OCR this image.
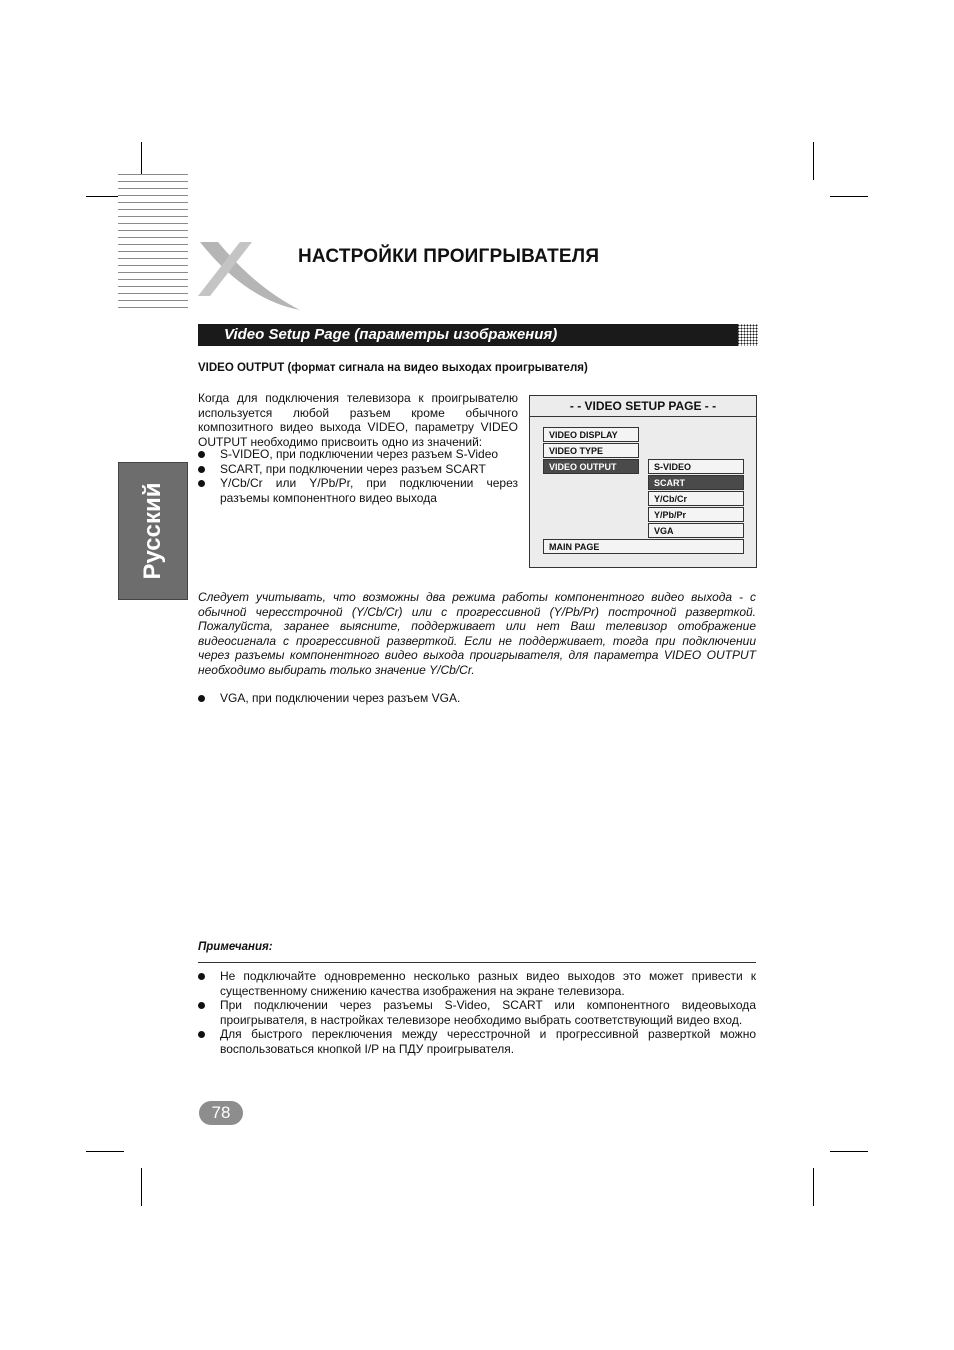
НАСТРОЙКИ ПРОИГРЫВАТЕЛЯ
Video Setup Page (параметры изображения)
VIDEO OUTPUT (формат сигнала на видео выходах проигрывателя)
Когда для подключения телевизора к проигрывателю используется любой разъем кроме обычного композитного видео выхода VIDEO, параметру VIDEO OUTPUT необходимо присвоить одно из значений:
S-VIDEO, при подключении через разъем S-Video
SCART, при подключении через разъем SCART
Y/Cb/Cr или Y/Pb/Pr, при подключении через разъемы компонентного видео выхода
- - VIDEO SETUP PAGE - -
VIDEO DISPLAY
VIDEO TYPE
VIDEO OUTPUT	S-VIDEO
SCART
Y/Cb/Cr
Y/Pb/Pr
VGA
MAIN PAGE
Русский
Следует учитывать, что возможны два режима работы компонентного видео выхода - с обычной чересстрочной (Y/Cb/Cr) или с прогрессивной (Y/Pb/Pr) построчной разверткой. Пожалуйста, заранее выясните, поддерживает или нет Ваш телевизор отображение видеосигнала с прогрессивной разверткой. Если не поддерживает, тогда при подключении через разъемы компонентного видео выхода проигрывателя, для параметра VIDEO OUTPUT необходимо выбирать только значение Y/Cb/Cr.
VGA, при подключении через разъем VGA.
Примечания:
Не подключайте одновременно несколько разных видео выходов это может привести к существенному снижению качества изображения на экране телевизора.
При подключении через разъемы S-Video, SCART или компонентного видеовыхода проигрывателя, в настройках телевизоре необходимо выбрать соответствующий видео вход.
Для быстрого переключения между чересстрочной и прогрессивной разверткой можно воспользоваться кнопкой I/P на ПДУ проигрывателя.
78
